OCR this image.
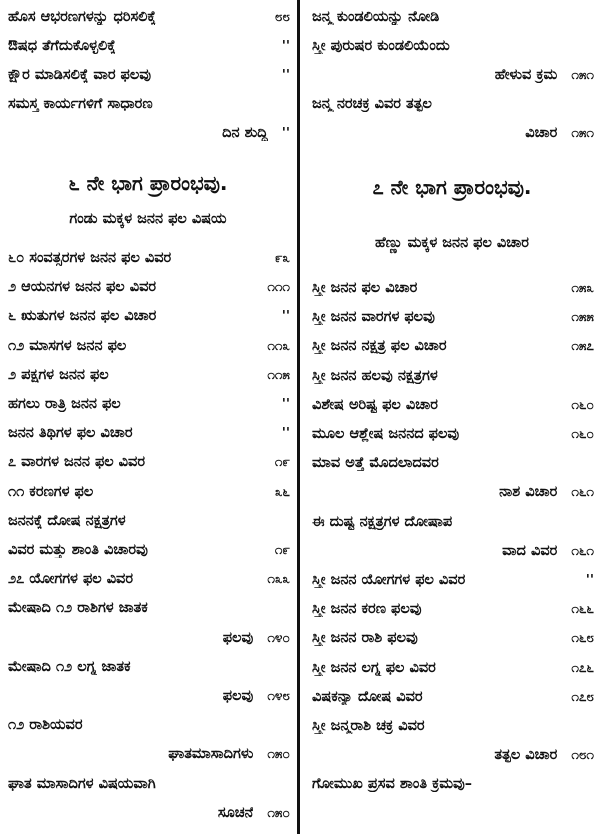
ಹೊಸ ಆಭರಣಗಳನ್ನು ಧರಿಸಲಿಕ್ಕೆ	೮೮
ಔಷಧ ತೆಗೆದುಕೊಳ್ಳಲಿಕ್ಕೆ	''
ಕ್ಷೌರ ಮಾಡಿಸಲಿಕ್ಕೆ ವಾರ ಫಲವು	''
ಸಮಸ್ತ ಕಾರ್ಯಗಳಿಗೆ ಸಾಧಾರಣ
ದಿನ ಶುದ್ಧಿ ''
೬ ನೇ ಭಾಗ ಪ್ರಾರಂಭವು.
ಗಂಡು ಮಕ್ಕಳ ಜನನ ಫಲ ವಿಷಯ
೬೦ ಸಂವತ್ಸರಗಳ ಜನನ ಫಲ ವಿವರ	೯೩
೨ ಆಯನಗಳ ಜನನ ಫಲ ವಿವರ	೧೧೧
೬ ಋತುಗಳ ಜನನ ಫಲ ವಿಚಾರ	''
೧೨ ಮಾಸಗಳ ಜನನ ಫಲ	೧೧೩
೨ ಪಕ್ಷಗಳ ಜನನ ಫಲ	೧೧೫
ಹಗಲು ರಾತ್ರಿ ಜನನ ಫಲ	''
ಜನನ ತಿಥಿಗಳ ಫಲ ವಿಚಾರ	''
೭ ವಾರಗಳ ಜನನ ಫಲ ವಿವರ	೧೯
೧೧ ಕರಣಗಳ ಫಲ	೩೬
ಜನನಕ್ಕೆ ದೋಷ ನಕ್ಷತ್ರಗಳ
ವಿವರ ಮತ್ತು ಶಾಂತಿ ವಿಚಾರವು	೧೯
೨೭ ಯೋಗಗಳ ಫಲ ವಿವರ	೧೩೩
ಮೇಷಾದಿ ೧೨ ರಾಶಿಗಳ ಜಾತಕ
ಫಲವು ೧೪೦
ಮೇಷಾದಿ ೧೨ ಲಗ್ನ ಜಾತಕ
ಫಲವು ೧೪೮
೧೨ ರಾಶಿಯವರ
ಘಾತಮಾಸಾದಿಗಳು ೧೫೦
ಘಾತ ಮಾಸಾದಿಗಳ ವಿಷಯವಾಗಿ
ಸೂಚನೆ ೧೫೦
ಜನ್ಮ ಕುಂಡಲಿಯನ್ನು ನೋಡಿ
ಸ್ತ್ರೀ ಪುರುಷರ ಕುಂಡಲಿಯೆಂದು
ಹೇಳುವ ಕ್ರಮ ೧೫೧
ಜನ್ಮ ನರಚಕ್ರ ವಿವರ ತತ್ಫಲ
ವಿಚಾರ ೧೫೧
೭ ನೇ ಭಾಗ ಪ್ರಾರಂಭವು.
ಹೆಣ್ಣು ಮಕ್ಕಳ ಜನನ ಫಲ ವಿಚಾರ
ಸ್ತ್ರೀ ಜನನ ಫಲ ವಿಚಾರ	೧೫೩
ಸ್ತ್ರೀ ಜನನ ವಾರಗಳ ಫಲವು	೧೫೫
ಸ್ತ್ರೀ ಜನನ ನಕ್ಷತ್ರ ಫಲ ವಿಚಾರ	೧೫೭
ಸ್ತ್ರೀ ಜನನ ಹಲವು ನಕ್ಷತ್ರಗಳ
ವಿಶೇಷ ಅರಿಷ್ಟ ಫಲ ವಿಚಾರ	೧೬೦
ಮೂಲ ಆಶ್ಲೇಷ ಜನನದ ಫಲವು	೧೬೦
ಮಾವ ಅತ್ತೆ ಮೊದಲಾದವರ
ನಾಶ ವಿಚಾರ ೧೬೧
ಈ ದುಷ್ಟ ನಕ್ಷತ್ರಗಳ ದೋಷಾಪ
ವಾದ ವಿವರ ೧೬೧
ಸ್ತ್ರೀ ಜನನ ಯೋಗಗಳ ಫಲ ವಿವರ	''
ಸ್ತ್ರೀ ಜನನ ಕರಣ ಫಲವು	೧೬೬
ಸ್ತ್ರೀ ಜನನ ರಾಶಿ ಫಲವು	೧೬೮
ಸ್ತ್ರೀ ಜನನ ಲಗ್ನ ಫಲ ವಿವರ	೧೭೬
ವಿಷಕನ್ಯಾ ದೋಷ ವಿವರ	೧೭೮
ಸ್ತ್ರೀ ಜನ್ಮರಾಶಿ ಚಕ್ರ ವಿವರ
ತತ್ಫಲ ವಿಚಾರ ೧೮೧
ಗೋಮುಖ ಪ್ರಸವ ಶಾಂತಿ ಕ್ರಮವು–
